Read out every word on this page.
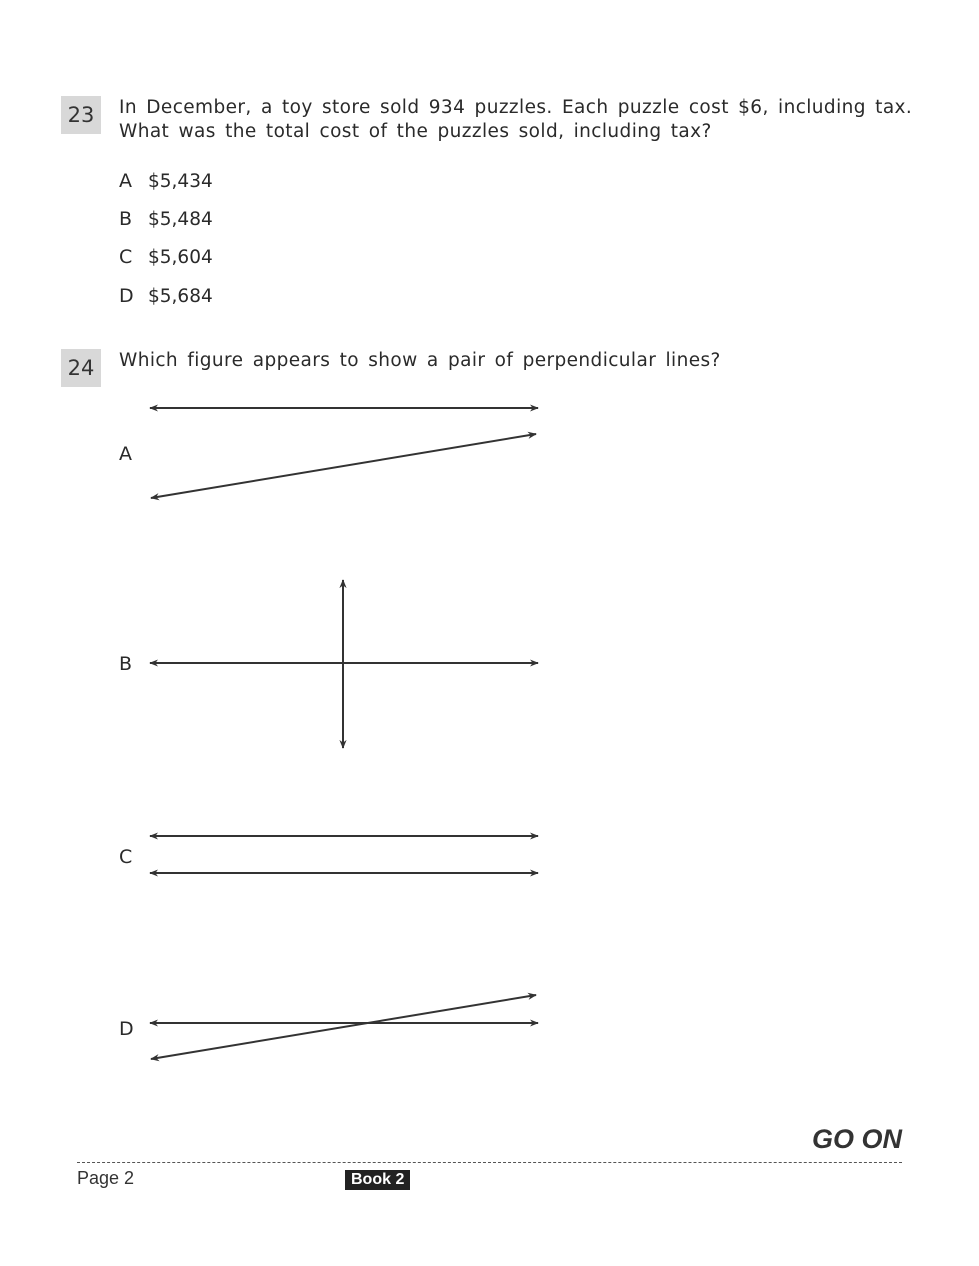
23	In December, a toy store sold 934 puzzles. Each puzzle cost $6, including tax.
What was the total cost of the puzzles sold, including tax?
A $5,434
B $5,484
C $5,604
D $5,684
24	Which figure appears to show a pair of perpendicular lines?
A
B
C
D
GO ON
Page 2	Book 2
